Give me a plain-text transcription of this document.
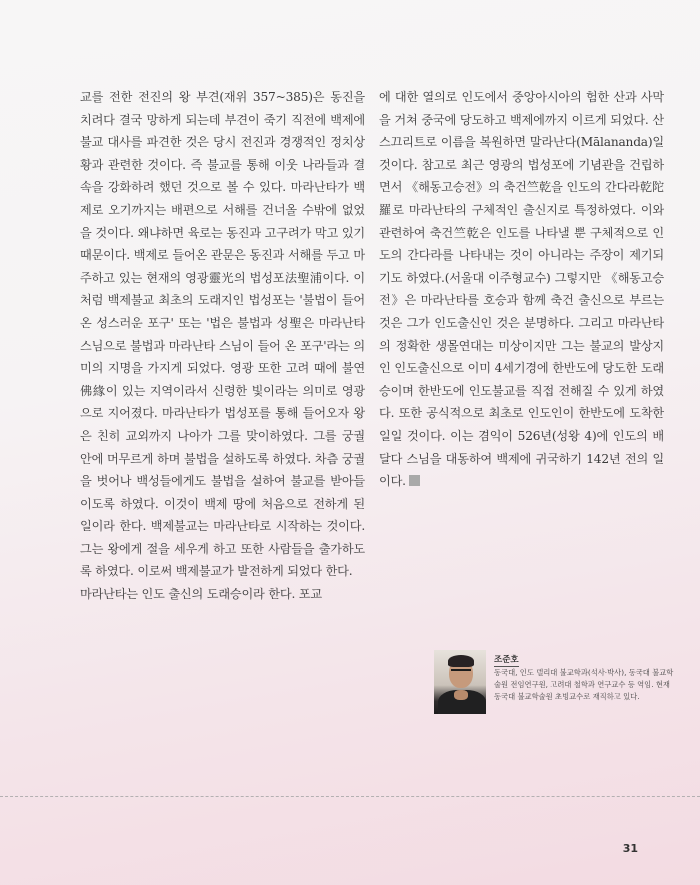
교를 전한 전진의 왕 부견(재위 357~385)은 동진을 치려다 결국 망하게 되는데 부견이 죽기 직전에 백제에 불교 대사를 파견한 것은 당시 전진과 경쟁적인 정치상황과 관련한 것이다. 즉 불교를 통해 이웃 나라들과 결속을 강화하려 했던 것으로 볼 수 있다. 마라난타가 백제로 오기까지는 배편으로 서해를 건너올 수밖에 없었을 것이다. 왜냐하면 육로는 동진과 고구려가 막고 있기 때문이다. 백제로 들어온 관문은 동진과 서해를 두고 마주하고 있는 현재의 영광靈光의 법성포法聖浦이다. 이처럼 백제불교 최초의 도래지인 법성포는 '불법이 들어온 성스러운 포구' 또는 '법은 불법과 성聖은 마라난타 스님으로 불법과 마라난타 스님이 들어 온 포구'라는 의미의 지명을 가지게 되었다. 영광 또한 고려 때에 불연佛緣이 있는 지역이라서 신령한 빛이라는 의미로 영광으로 지어졌다. 마라난타가 법성포를 통해 들어오자 왕은 친히 교외까지 나아가 그를 맞이하였다. 그를 궁궐 안에 머무르게 하며 불법을 설하도록 하였다. 차츰 궁궐을 벗어나 백성들에게도 불법을 설하여 불교를 받아들이도록 하였다. 이것이 백제 땅에 처음으로 전하게 된 일이라 한다. 백제불교는 마라난타로 시작하는 것이다. 그는 왕에게 절을 세우게 하고 또한 사람들을 출가하도록 하였다. 이로써 백제불교가 발전하게 되었다 한다.

마라난타는 인도 출신의 도래승이라 한다. 포교

에 대한 열의로 인도에서 중앙아시아의 험한 산과 사막을 거쳐 중국에 당도하고 백제에까지 이르게 되었다. 산스끄리트로 이름을 복원하면 말라난다(Mālananda)일 것이다. 참고로 최근 영광의 법성포에 기념관을 건립하면서 《해동고승전》의 축건竺乾을 인도의 간다라乾陀羅로 마라난타의 구체적인 출신지로 특정하였다. 이와 관련하여 축건竺乾은 인도를 나타낼 뿐 구체적으로 인도의 간다라를 나타내는 것이 아니라는 주장이 제기되기도 하였다.(서울대 이주형교수) 그렇지만 《해동고승전》은 마라난타를 호승과 함께 축건 출신으로 부르는 것은 그가 인도출신인 것은 분명하다. 그리고 마라난타의 정확한 생몰연대는 미상이지만 그는 불교의 발상지인 인도출신으로 이미 4세기경에 한반도에 당도한 도래승이며 한반도에 인도불교를 직접 전해질 수 있게 하였다. 또한 공식적으로 최초로 인도인이 한반도에 도착한 일일 것이다. 이는 겸익이 526년(성왕 4)에 인도의 배달다 스님을 대동하여 백제에 귀국하기 142년 전의 일이다.

조준호

동국대, 인도 델리대 불교학과(석사·박사), 동국대 불교학술원 전임연구원, 고려대 철학과 연구교수 등 역임. 현재 동국대 불교학술원 초빙교수로 재직하고 있다.

31
